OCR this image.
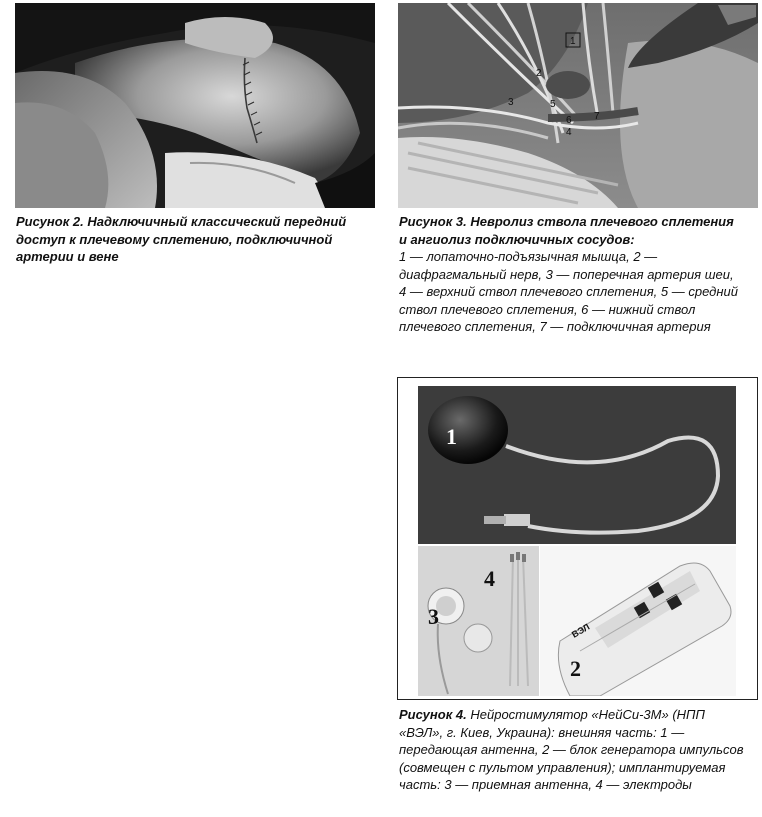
Рисунок 2. Надключичный классический передний доступ к плечевому сплетению, подключичной артерии и вене
1
2
3
4
5
6 7
Рисунок 3. Невролиз ствола плечевого сплетения и ангиолиз подключичных сосудов:
1 — лопаточно-подъязычная мышца, 2 — диафрагмальный нерв, 3 — поперечная артерия шеи, 4 — верхний ствол плечевого сплетения, 5 — средний ствол плечевого сплетения, 6 — нижний ствол плечевого сплетения, 7 — подключичная артерия
1
3
4
ВЭЛ
2
Рисунок 4. Нейростимулятор «НейСи-3М» (НПП «ВЭЛ», г. Киев, Украина): внешняя часть: 1 — передающая антенна, 2 — блок генератора импульсов (совмещен с пультом управления); имплантируемая часть: 3 — приемная антенна, 4 — электроды
